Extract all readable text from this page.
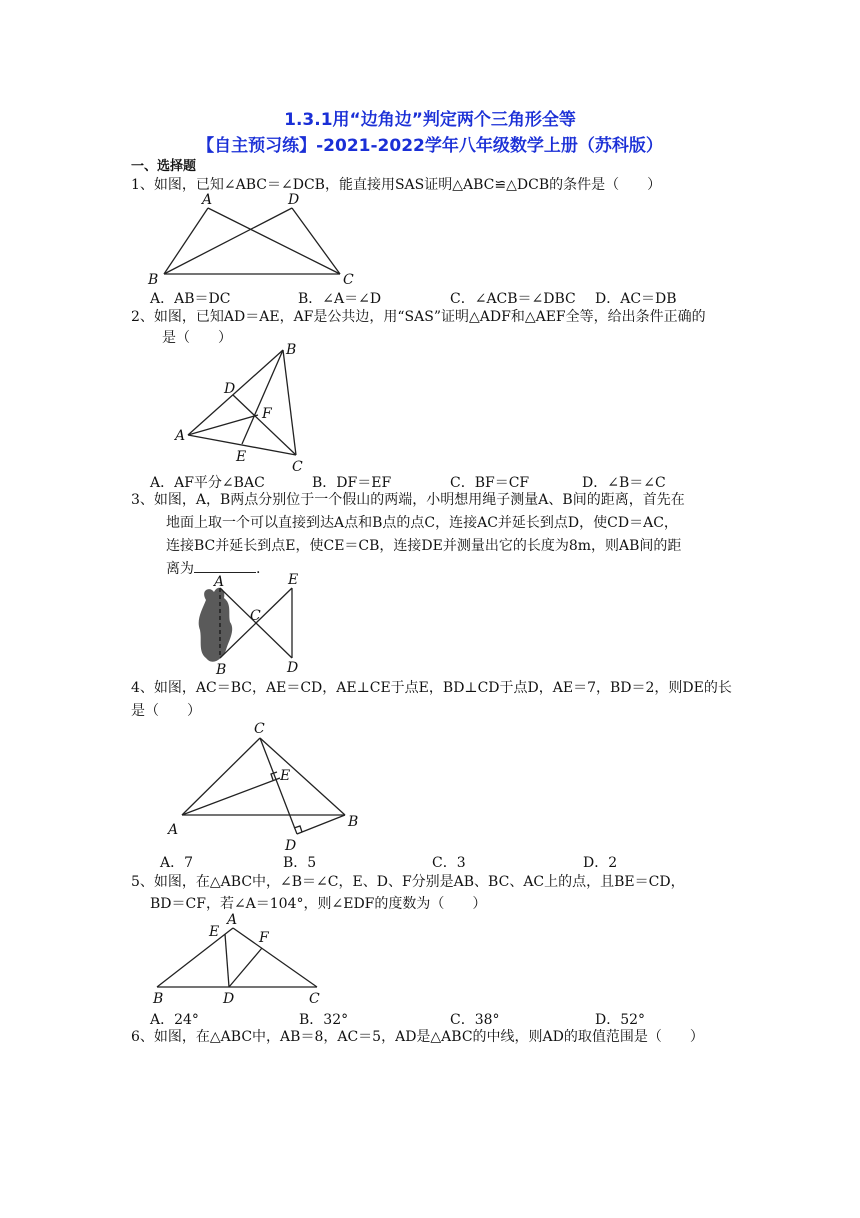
1.3.1用“边角边”判定两个三角形全等
【自主预习练】-2021-2022学年八年级数学上册（苏科版）
一、选择题
1、如图，已知∠ABC＝∠DCB，能直接用SAS证明△ABC≌△DCB的条件是（　　）
A	D
B	C
A．AB＝DC	B．∠A＝∠D	C．∠ACB＝∠DBC D．AC＝DB
2、如图，已知AD＝AE，AF是公共边，用“SAS”证明△ADF和△AEF全等，给出条件正确的
是（　　）
B
D
F
A
E
C
A．AF平分∠BAC	B．DF＝EF	C．BF＝CF	D．∠B＝∠C
3、如图，A，B两点分别位于一个假山的两端，小明想用绳子测量A、B间的距离，首先在
地面上取一个可以直接到达A点和B点的点C，连接AC并延长到点D，使CD＝AC，
连接BC并延长到点E，使CE＝CB，连接DE并测量出它的长度为8m，则AB间的距
离为	.
A	E
C
B	D
4、如图，AC＝BC，AE＝CD，AE⊥CE于点E，BD⊥CD于点D，AE＝7，BD＝2，则DE的长
是（　　）
C
E
A	B
D
A．7	B．5	C．3	D．2
5、如图，在△ABC中，∠B＝∠C，E、D、F分别是AB、BC、AC上的点，且BE＝CD，
BD＝CF，若∠A＝104°，则∠EDF的度数为（　　）
A
E	F
B	D	C
A．24°	B．32°	C．38°	D．52°
6、如图，在△ABC中，AB＝8，AC＝5，AD是△ABC的中线，则AD的取值范围是（　　）
